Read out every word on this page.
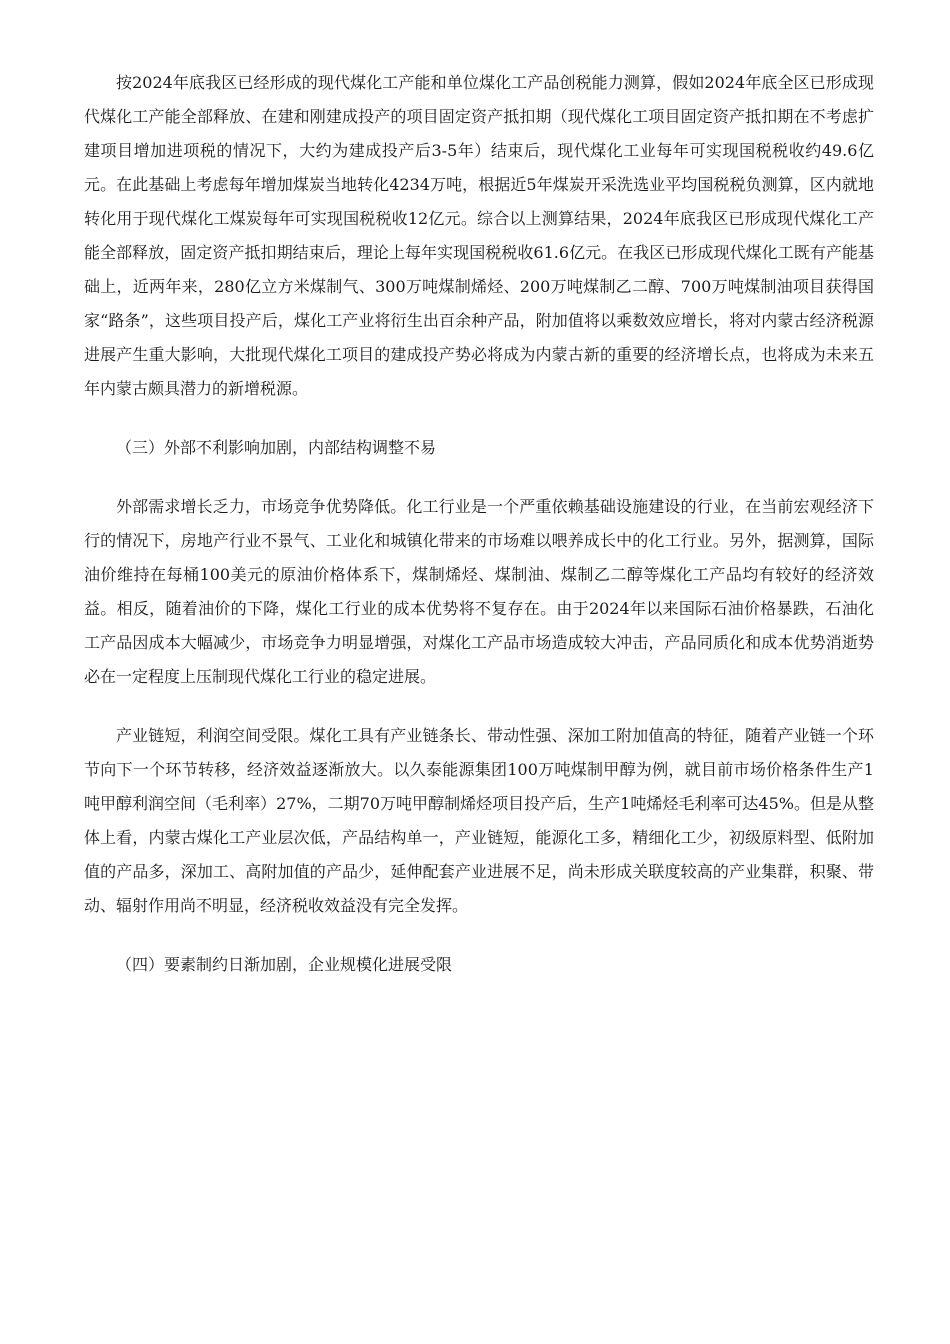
按2024年底我区已经形成的现代煤化工产能和单位煤化工产品创税能力测算，假如2024年底全区已形成现代煤化工产能全部释放、在建和刚建成投产的项目固定资产抵扣期（现代煤化工项目固定资产抵扣期在不考虑扩建项目增加进项税的情况下，大约为建成投产后3-5年）结束后，现代煤化工业每年可实现国税税收约49.6亿元。在此基础上考虑每年增加煤炭当地转化4234万吨，根据近5年煤炭开采洗选业平均国税税负测算，区内就地转化用于现代煤化工煤炭每年可实现国税税收12亿元。综合以上测算结果，2024年底我区已形成现代煤化工产能全部释放，固定资产抵扣期结束后，理论上每年实现国税税收61.6亿元。在我区已形成现代煤化工既有产能基础上，近两年来，280亿立方米煤制气、300万吨煤制烯烃、200万吨煤制乙二醇、700万吨煤制油项目获得国家“路条”，这些项目投产后，煤化工产业将衍生出百余种产品，附加值将以乘数效应增长，将对内蒙古经济税源进展产生重大影响，大批现代煤化工项目的建成投产势必将成为内蒙古新的重要的经济增长点，也将成为未来五年内蒙古颇具潜力的新增税源。

（三）外部不利影响加剧，内部结构调整不易

外部需求增长乏力，市场竞争优势降低。化工行业是一个严重依赖基础设施建设的行业，在当前宏观经济下行的情况下，房地产行业不景气、工业化和城镇化带来的市场难以喂养成长中的化工行业。另外，据测算，国际油价维持在每桶100美元的原油价格体系下，煤制烯烃、煤制油、煤制乙二醇等煤化工产品均有较好的经济效益。相反，随着油价的下降，煤化工行业的成本优势将不复存在。由于2024年以来国际石油价格暴跌，石油化工产品因成本大幅减少，市场竞争力明显增强，对煤化工产品市场造成较大冲击，产品同质化和成本优势消逝势必在一定程度上压制现代煤化工行业的稳定进展。

产业链短，利润空间受限。煤化工具有产业链条长、带动性强、深加工附加值高的特征，随着产业链一个环节向下一个环节转移，经济效益逐渐放大。以久泰能源集团100万吨煤制甲醇为例，就目前市场价格条件生产1吨甲醇利润空间（毛利率）27%，二期70万吨甲醇制烯烃项目投产后，生产1吨烯烃毛利率可达45%。但是从整体上看，内蒙古煤化工产业层次低，产品结构单一，产业链短，能源化工多，精细化工少，初级原料型、低附加值的产品多，深加工、高附加值的产品少，延伸配套产业进展不足，尚未形成关联度较高的产业集群，积聚、带动、辐射作用尚不明显，经济税收效益没有完全发挥。

（四）要素制约日渐加剧，企业规模化进展受限
